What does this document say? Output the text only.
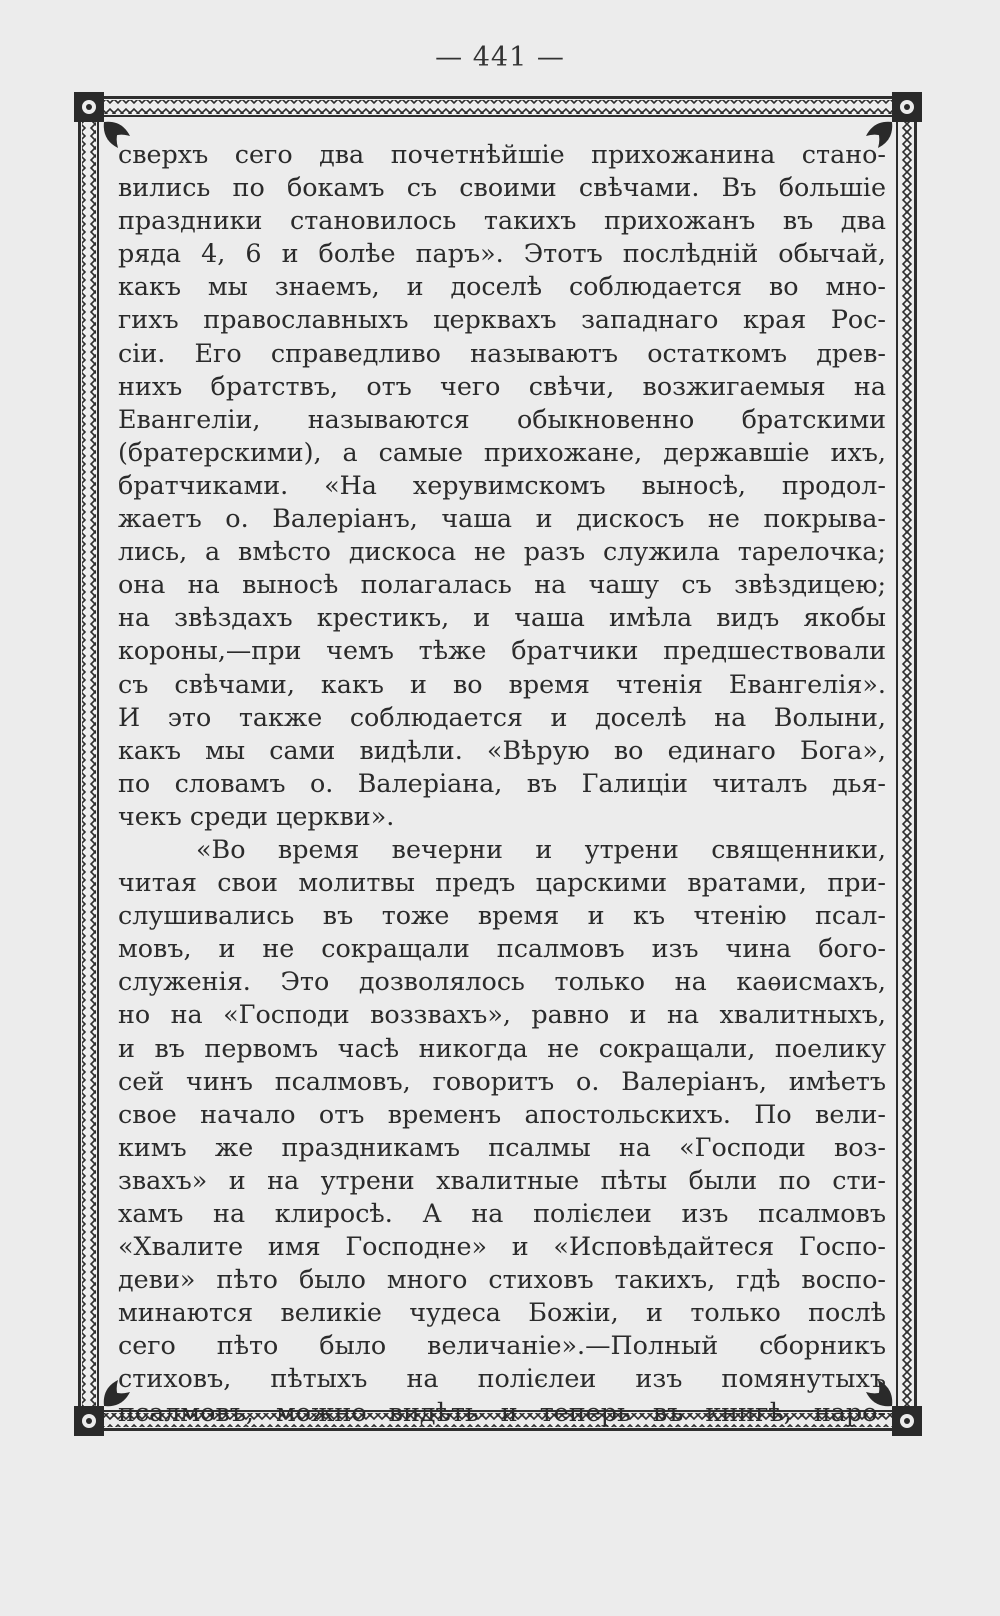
— 441 —
сверхъ сего два почетнѣйшіе прихожанина стано-
вились по бокамъ съ своими свѣчами. Въ большіе
праздники становилось такихъ прихожанъ въ два
ряда 4, 6 и болѣе паръ». Этотъ послѣдній обычай,
какъ мы знаемъ, и доселѣ соблюдается во мно-
гихъ православныхъ церквахъ западнаго края Рос-
сіи. Его справедливо называютъ остаткомъ древ-
нихъ братствъ, отъ чего свѣчи, возжигаемыя на
Евангеліи, называются обыкновенно братскими
(братерскими), а самые прихожане, державшіе ихъ,
братчиками. «На херувимскомъ выносѣ, продол-
жаетъ о. Валеріанъ, чаша и дискосъ не покрыва-
лись, а вмѣсто дискоса не разъ служила тарелочка;
она на выносѣ полагалась на чашу съ звѣздицею;
на звѣздахъ крестикъ, и чаша имѣла видъ якобы
короны,—при чемъ тѣже братчики предшествовали
съ свѣчами, какъ и во время чтенія Евангелія».
И это также соблюдается и доселѣ на Волыни,
какъ мы сами видѣли. «Вѣрую во единаго Бога»,
по словамъ о. Валеріана, въ Галиціи читалъ дья-
чекъ среди церкви».
«Во время вечерни и утрени священники,
читая свои молитвы предъ царскими вратами, при-
слушивались въ тоже время и къ чтенію псал-
мовъ, и не сокращали псалмовъ изъ чина бого-
служенія. Это дозволялось только на каѳисмахъ,
но на «Господи воззвахъ», равно и на хвалитныхъ,
и въ первомъ часѣ никогда не сокращали, поелику
сей чинъ псалмовъ, говоритъ о. Валеріанъ, имѣетъ
свое начало отъ временъ апостольскихъ. По вели-
кимъ же праздникамъ псалмы на «Господи воз-
звахъ» и на утрени хвалитные пѣты были по сти-
хамъ на клиросѣ. А на полієлеи изъ псалмовъ
«Хвалите имя Господне» и «Исповѣдайтеся Госпо-
деви» пѣто было много стиховъ такихъ, гдѣ воспо-
минаются великіе чудеса Божіи, и только послѣ
сего пѣто было величаніе».—Полный сборникъ
стиховъ, пѣтыхъ на полієлеи изъ помянутыхъ
псалмовъ, можно видѣть и теперь въ книгѣ, наро-
